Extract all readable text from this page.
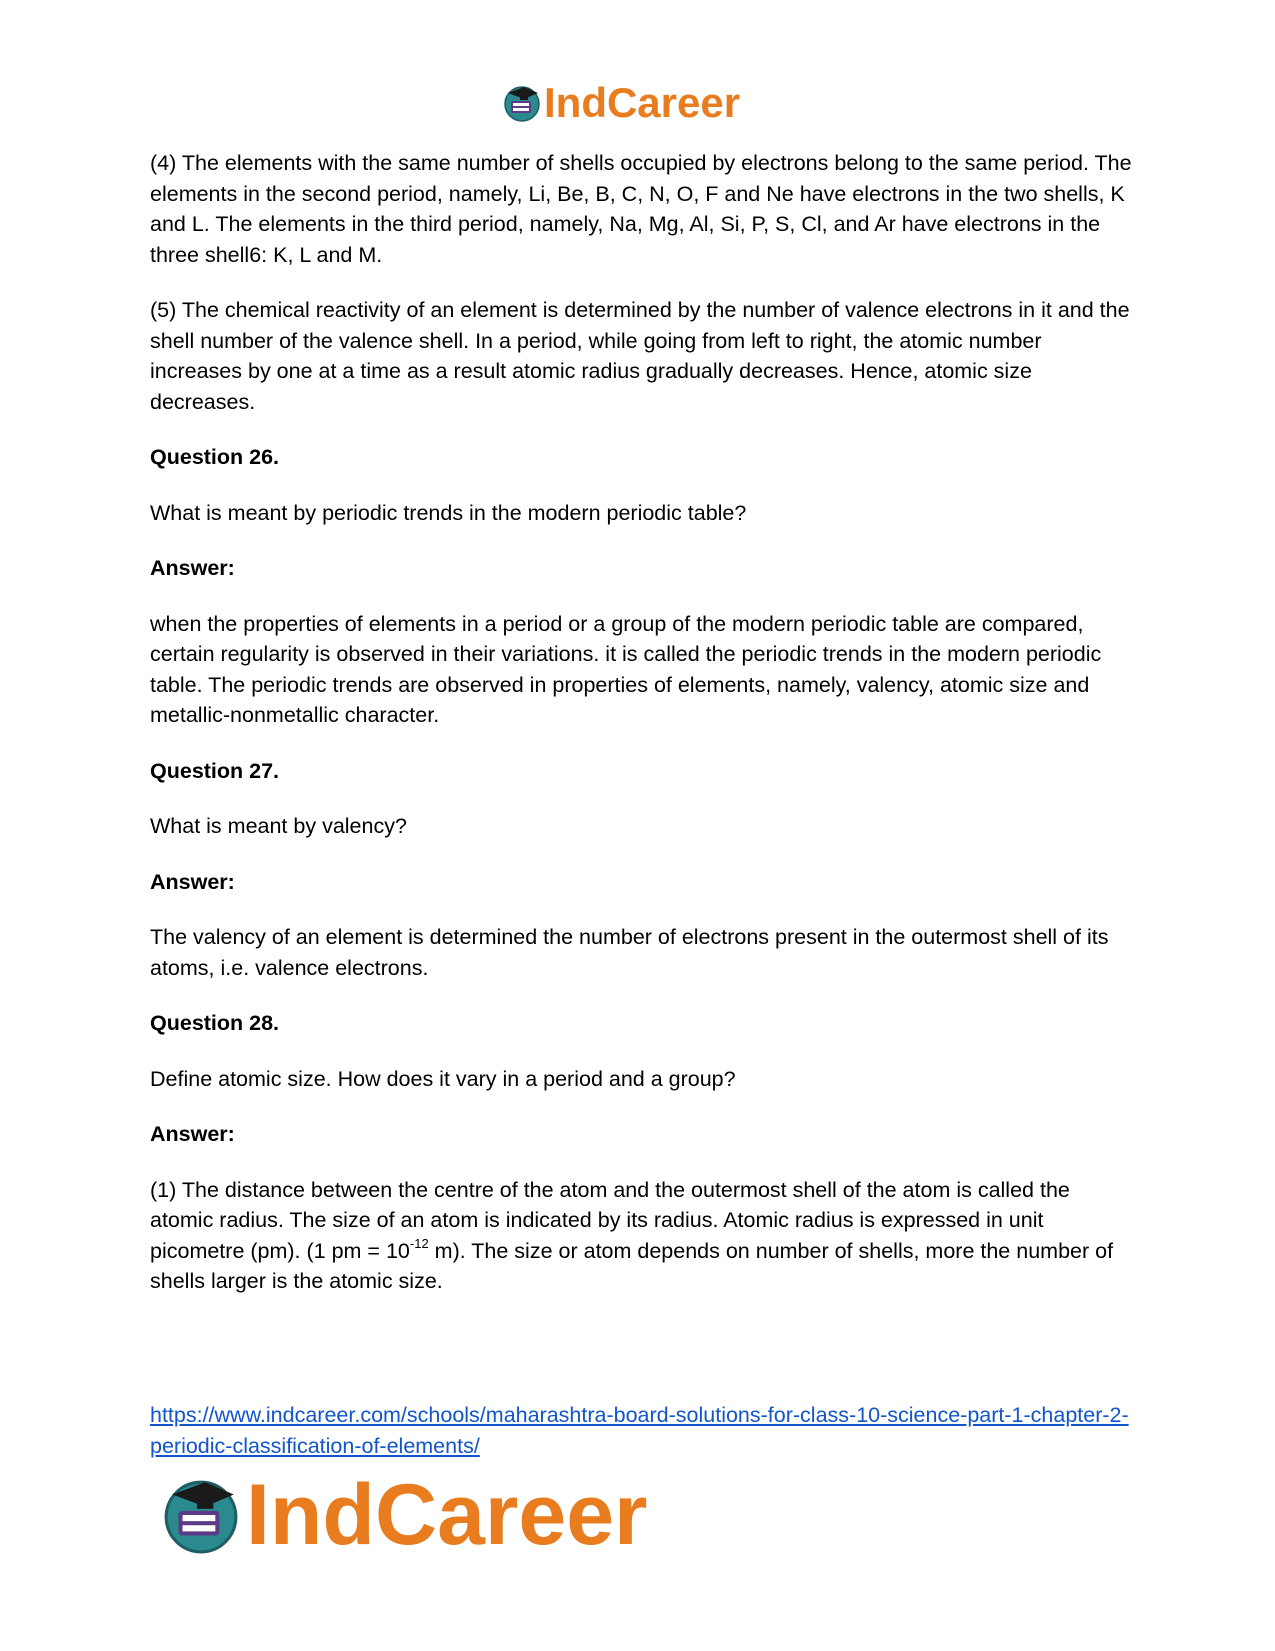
IndCareer

(4) The elements with the same number of shells occupied by electrons belong to the same period. The elements in the second period, namely, Li, Be, B, C, N, O, F and Ne have electrons in the two shells, K and L. The elements in the third period, namely, Na, Mg, Al, Si, P, S, Cl, and Ar have electrons in the three shell6: K, L and M.

(5) The chemical reactivity of an element is determined by the number of valence electrons in it and the shell number of the valence shell. In a period, while going from left to right, the atomic number increases by one at a time as a result atomic radius gradually decreases. Hence, atomic size decreases.

Question 26.

What is meant by periodic trends in the modern periodic table?

Answer:

when the properties of elements in a period or a group of the modern periodic table are compared, certain regularity is observed in their variations. it is called the periodic trends in the modern periodic table. The periodic trends are observed in properties of elements, namely, valency, atomic size and metallic-nonmetallic character.

Question 27.

What is meant by valency?

Answer:

The valency of an element is determined the number of electrons present in the outermost shell of its atoms, i.e. valence electrons.

Question 28.

Define atomic size. How does it vary in a period and a group?

Answer:

(1) The distance between the centre of the atom and the outermost shell of the atom is called the atomic radius. The size of an atom is indicated by its radius. Atomic radius is expressed in unit picometre (pm). (1 pm = $10^{-12}$ m). The size or atom depends on number of shells, more the number of shells larger is the atomic size.

https://www.indcareer.com/schools/maharashtra-board-solutions-for-class-10-science-part-1-chapter-2-periodic-classification-of-elements/
IndCareer
